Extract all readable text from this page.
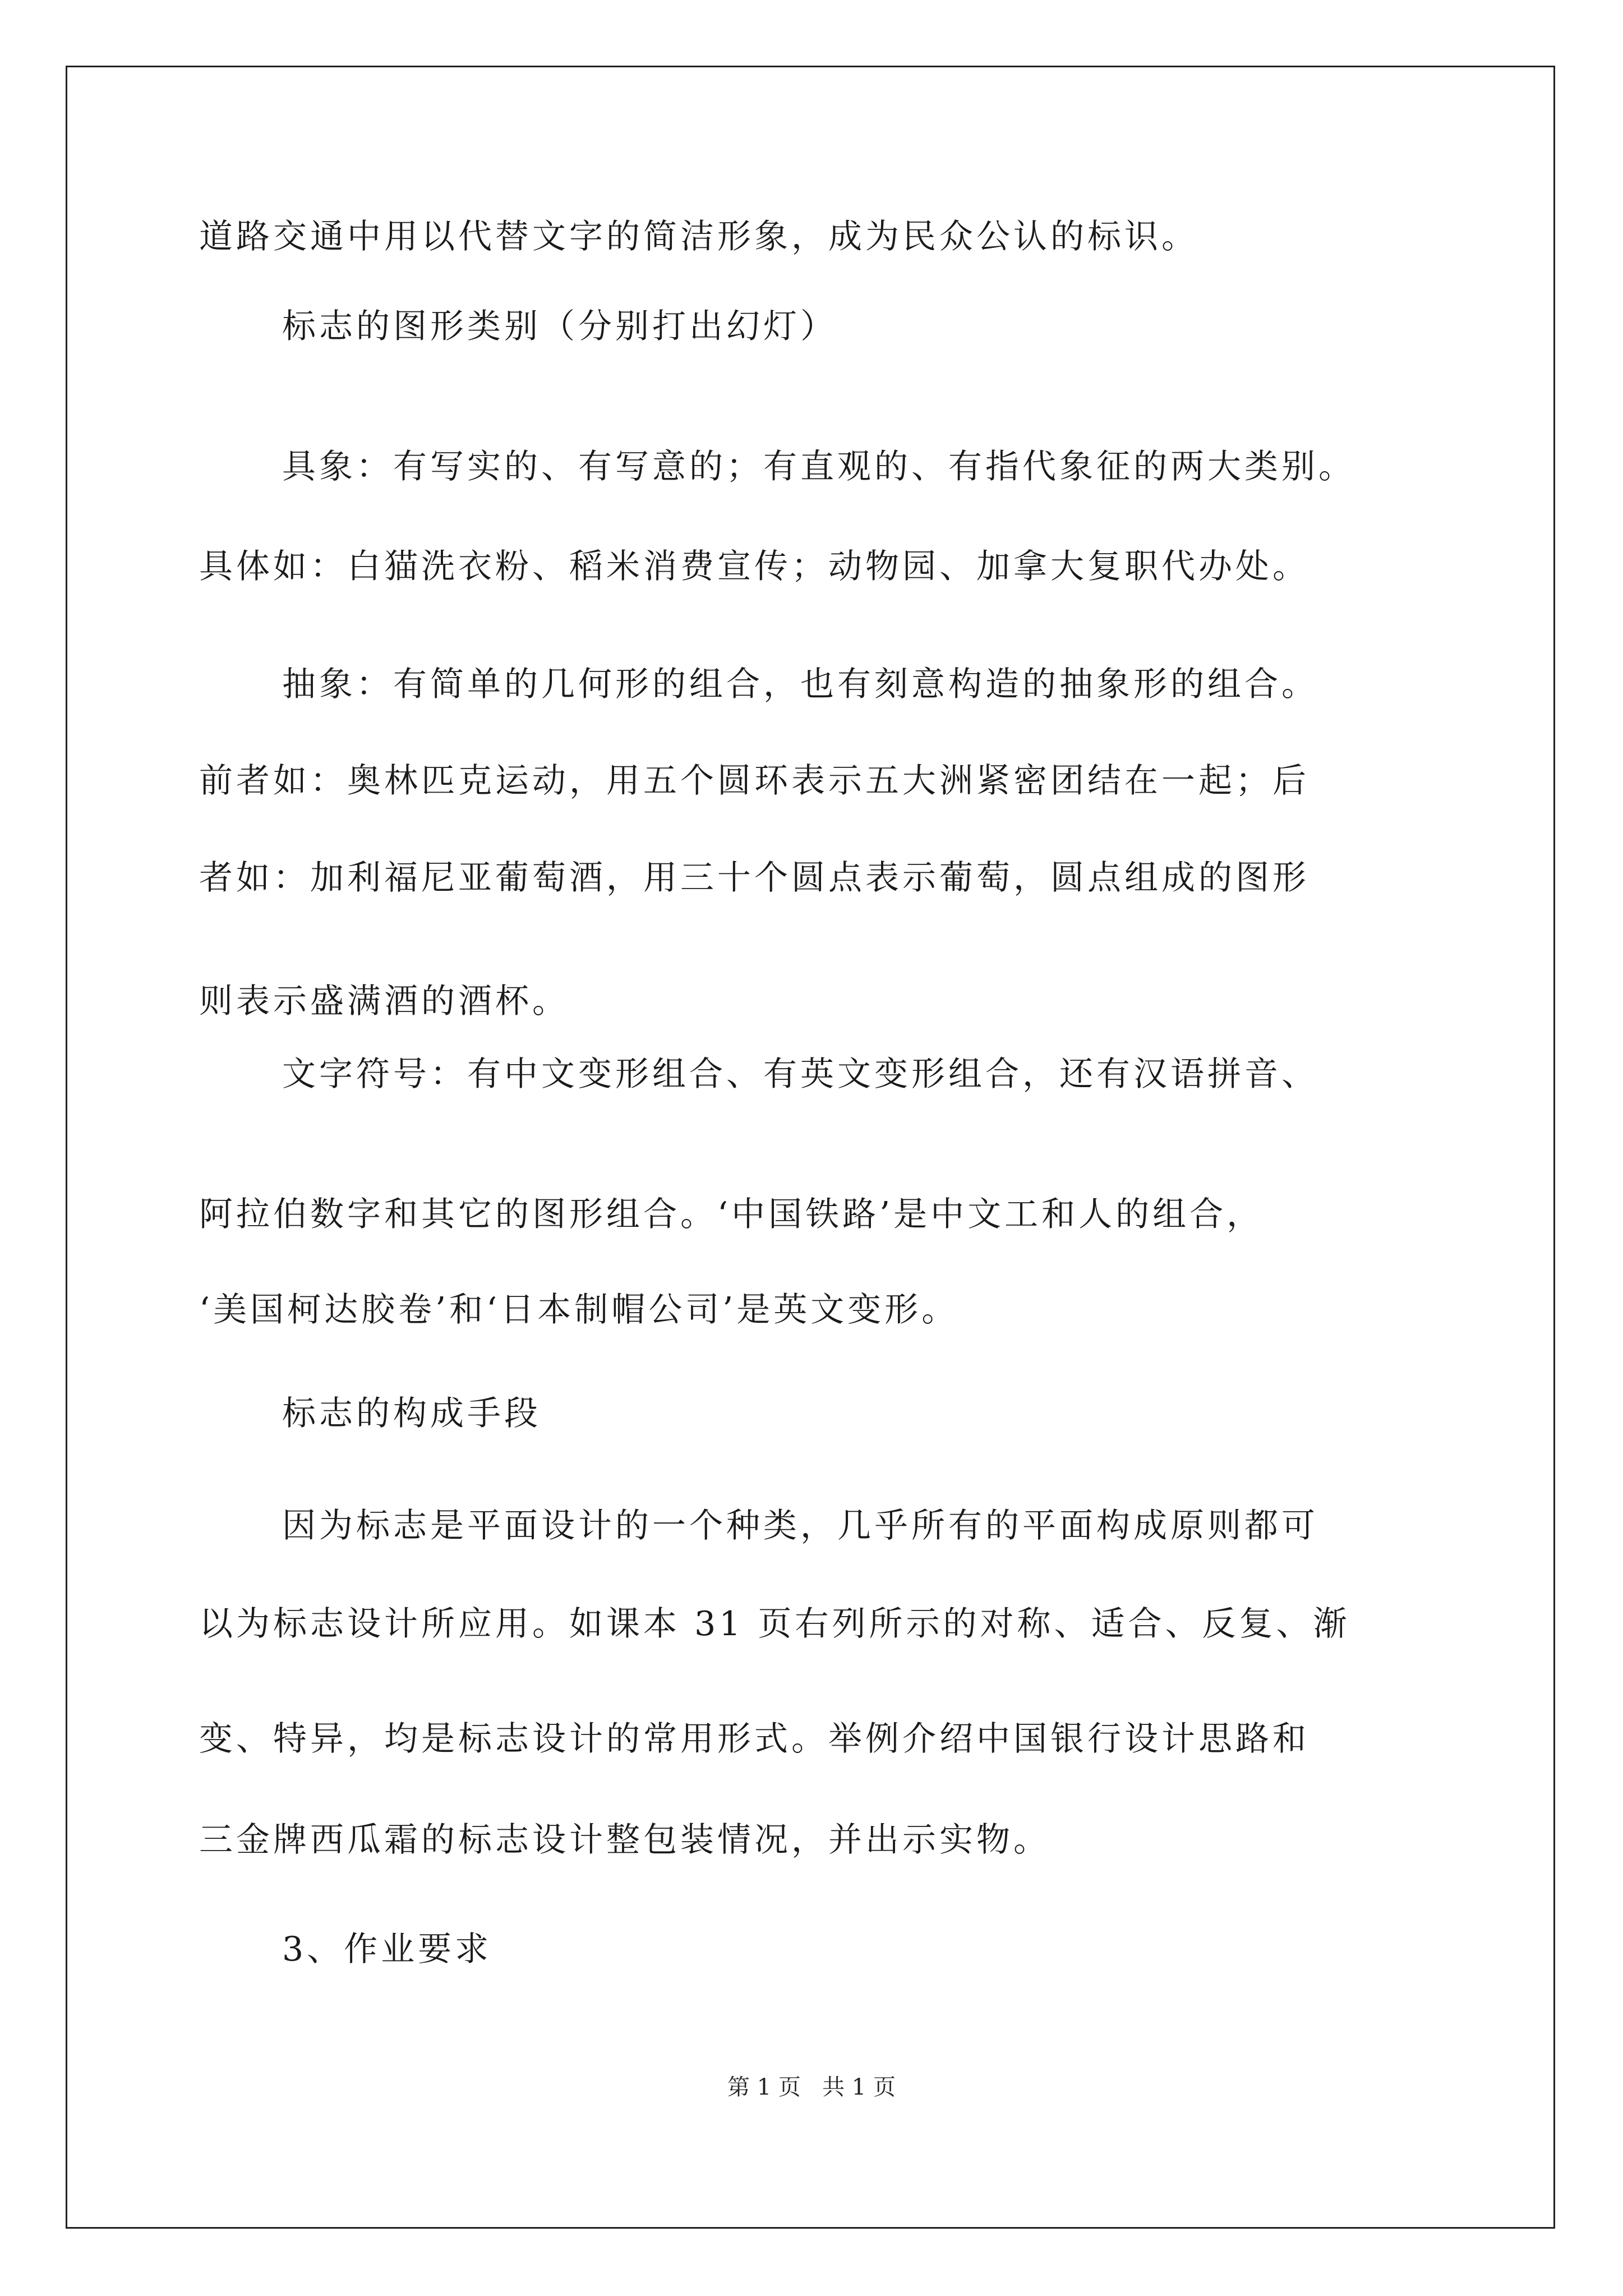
道路交通中用以代替文字的简洁形象，成为民众公认的标识。
标志的图形类别（分别打出幻灯）
具象：有写实的、有写意的；有直观的、有指代象征的两大类别。
具体如：白猫洗衣粉、稻米消费宣传；动物园、加拿大复职代办处。
抽象：有简单的几何形的组合，也有刻意构造的抽象形的组合。
前者如：奥林匹克运动，用五个圆环表示五大洲紧密团结在一起；后
者如：加利福尼亚葡萄酒，用三十个圆点表示葡萄，圆点组成的图形
则表示盛满酒的酒杯。
文字符号：有中文变形组合、有英文变形组合，还有汉语拼音、
阿拉伯数字和其它的图形组合。‘中国铁路’是中文工和人的组合，
‘美国柯达胶卷’和‘日本制帽公司’是英文变形。
标志的构成手段
因为标志是平面设计的一个种类，几乎所有的平面构成原则都可
以为标志设计所应用。如课本 31 页右列所示的对称、适合、反复、渐
变、特异，均是标志设计的常用形式。举例介绍中国银行设计思路和
三金牌西瓜霜的标志设计整包装情况，并出示实物。
3、作业要求
第 1 页   共 1 页
